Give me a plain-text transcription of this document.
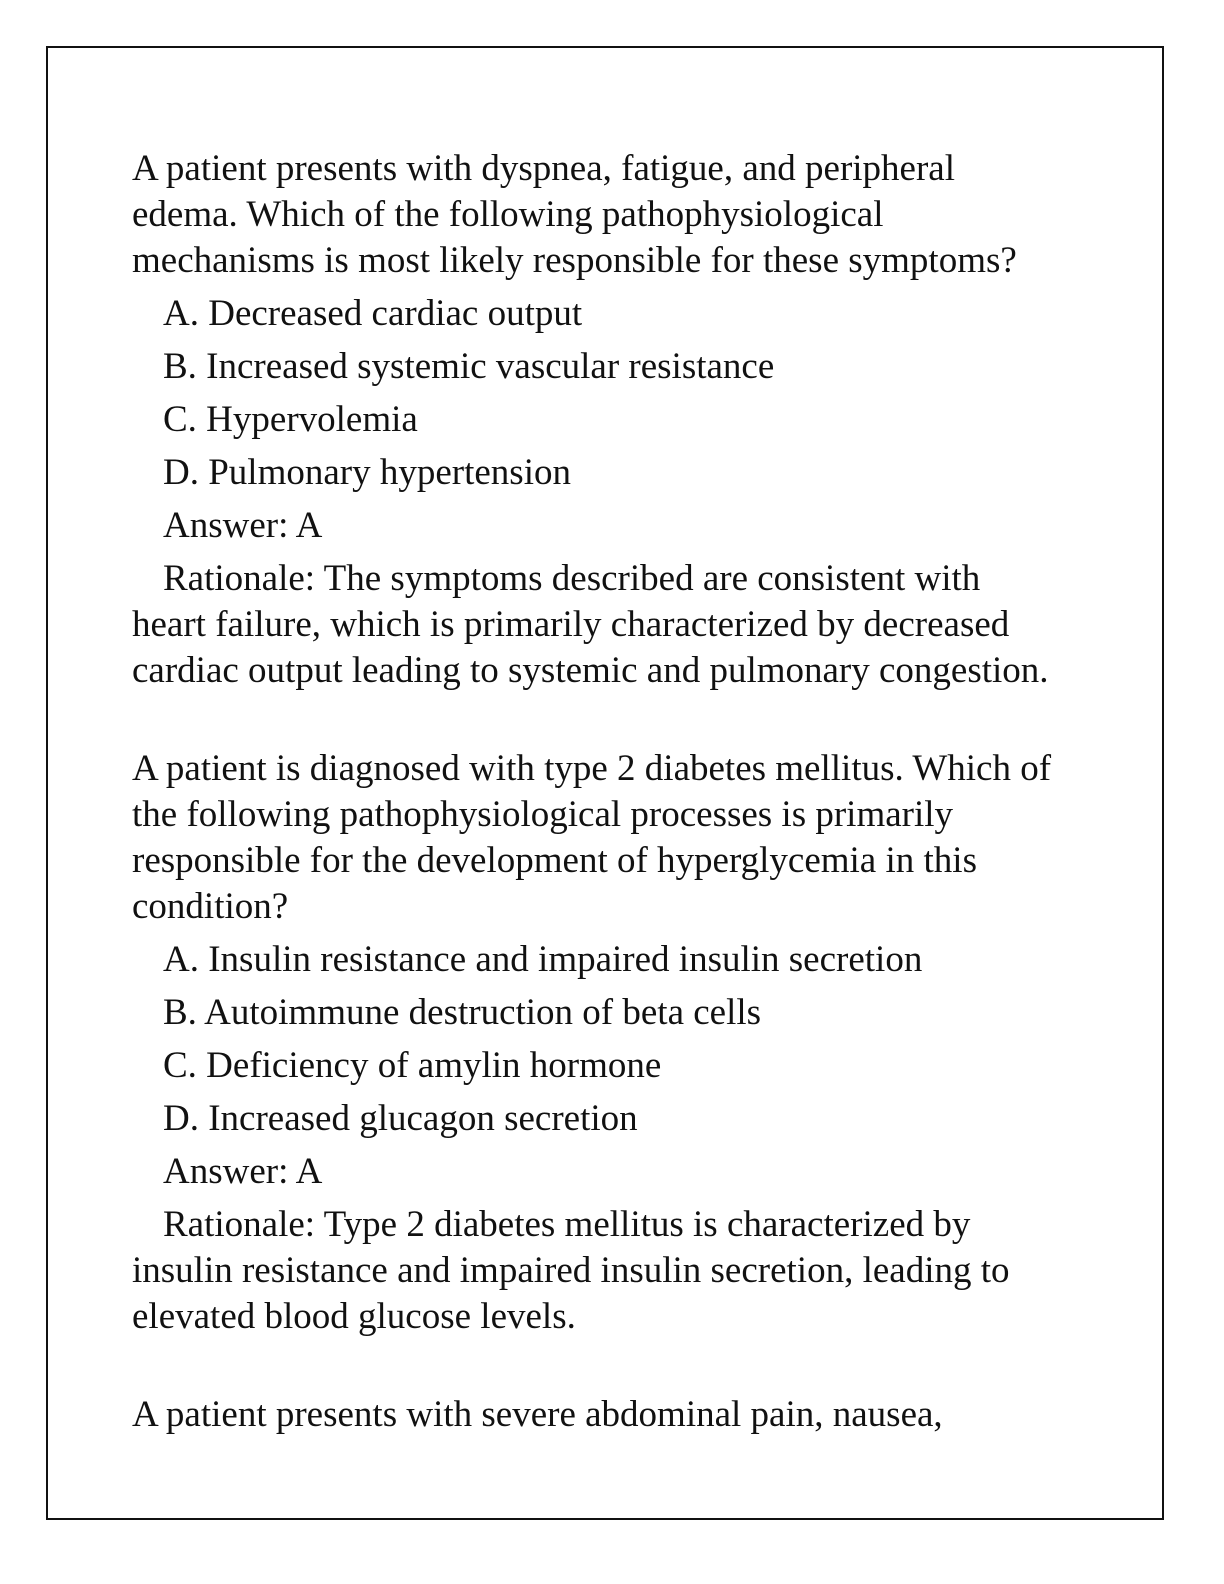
A patient presents with dyspnea, fatigue, and peripheral edema. Which of the following pathophysiological mechanisms is most likely responsible for these symptoms?

A. Decreased cardiac output

B. Increased systemic vascular resistance

C. Hypervolemia

D. Pulmonary hypertension

Answer: A

Rationale: The symptoms described are consistent with heart failure, which is primarily characterized by decreased cardiac output leading to systemic and pulmonary congestion.

A patient is diagnosed with type 2 diabetes mellitus. Which of the following pathophysiological processes is primarily responsible for the development of hyperglycemia in this condition?

A. Insulin resistance and impaired insulin secretion

B. Autoimmune destruction of beta cells

C. Deficiency of amylin hormone

D. Increased glucagon secretion

Answer: A

Rationale: Type 2 diabetes mellitus is characterized by insulin resistance and impaired insulin secretion, leading to elevated blood glucose levels.

A patient presents with severe abdominal pain, nausea,
